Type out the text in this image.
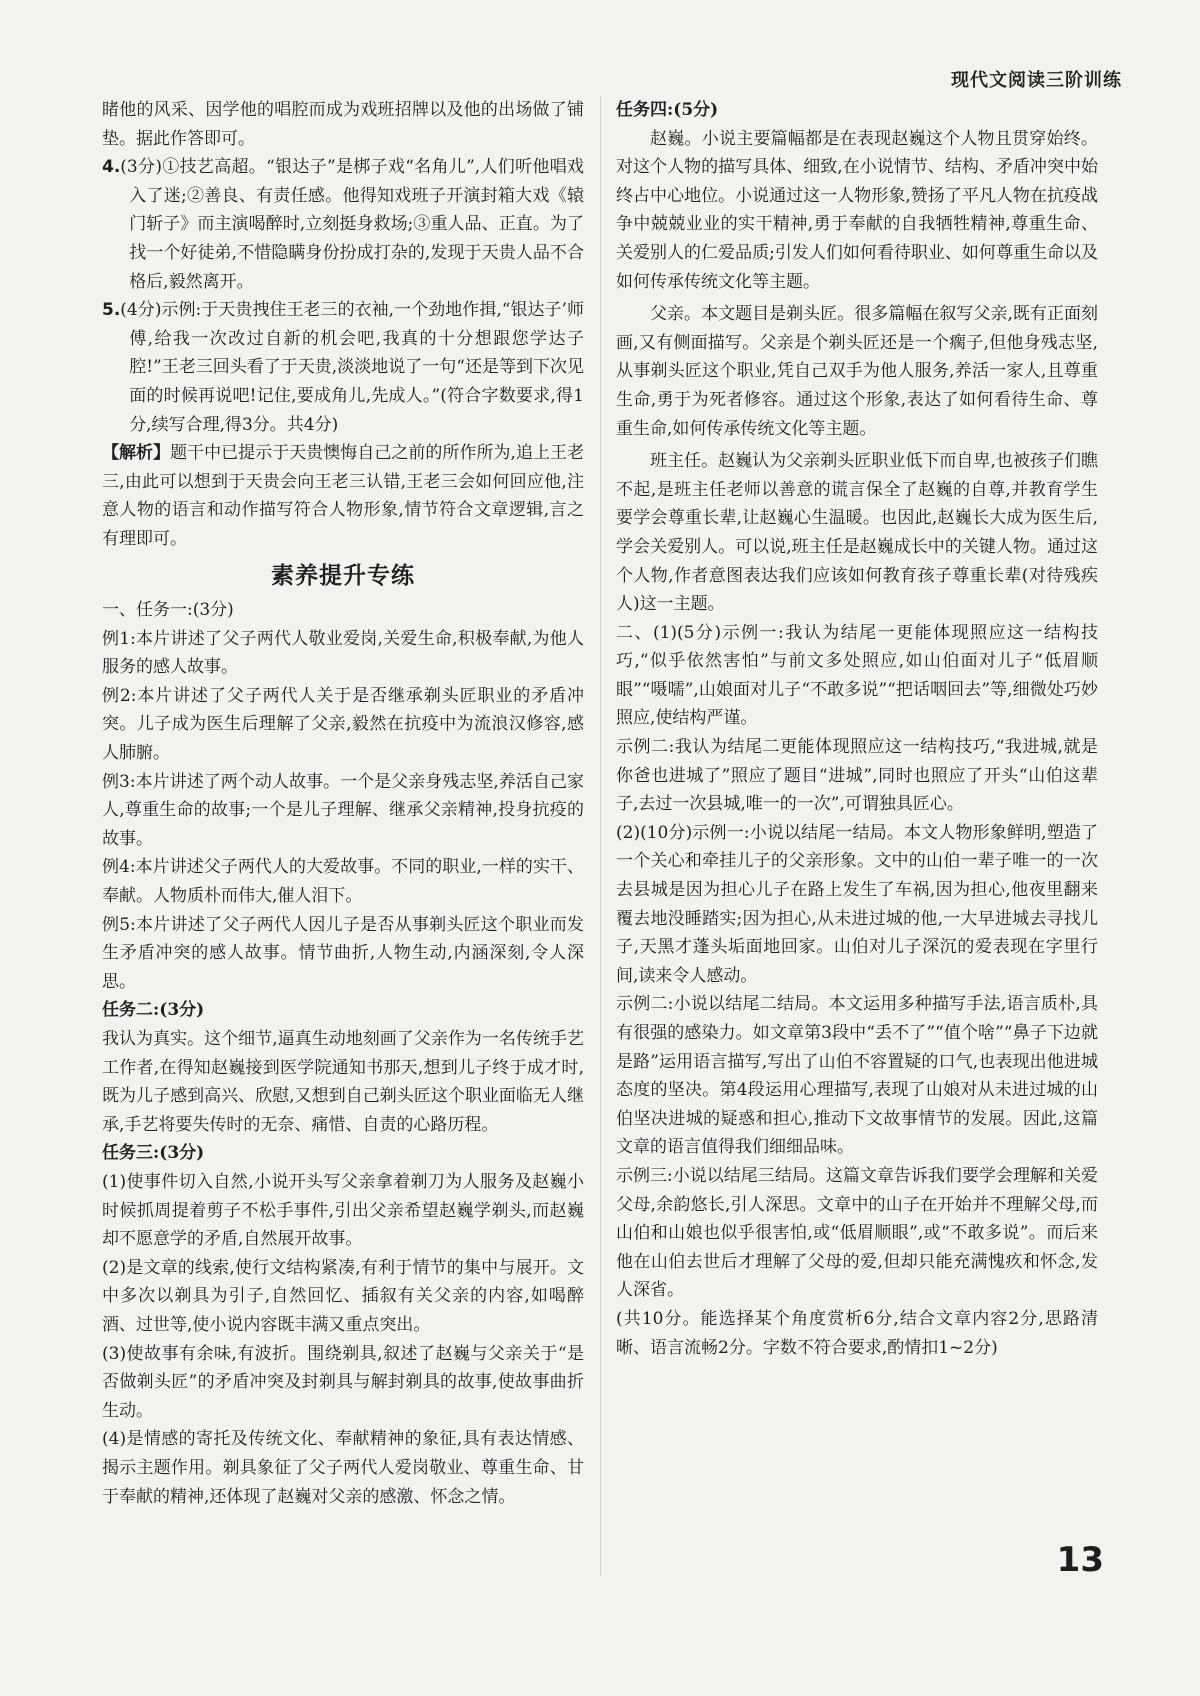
现代文阅读三阶训练

睹他的风采、因学他的唱腔而成为戏班招牌以及他的出场做了铺垫。据此作答即可。

4.(3分)①技艺高超。“银达子”是梆子戏“名角儿”,人们听他唱戏入了迷;②善良、有责任感。他得知戏班子开演封箱大戏《辕门斩子》而主演喝醉时,立刻挺身救场;③重人品、正直。为了找一个好徒弟,不惜隐瞒身份扮成打杂的,发现于天贵人品不合格后,毅然离开。

5.(4分)示例:于天贵拽住王老三的衣袖,一个劲地作揖,“银达子’师傅,给我一次改过自新的机会吧,我真的十分想跟您学达子腔!”王老三回头看了于天贵,淡淡地说了一句“还是等到下次见面的时候再说吧!记住,要成角儿,先成人。”(符合字数要求,得1分,续写合理,得3分。共4分)

【解析】题干中已提示于天贵懊悔自己之前的所作所为,追上王老三,由此可以想到于天贵会向王老三认错,王老三会如何回应他,注意人物的语言和动作描写符合人物形象,情节符合文章逻辑,言之有理即可。

素养提升专练

一、任务一:(3分)

例1:本片讲述了父子两代人敬业爱岗,关爱生命,积极奉献,为他人服务的感人故事。

例2:本片讲述了父子两代人关于是否继承剃头匠职业的矛盾冲突。儿子成为医生后理解了父亲,毅然在抗疫中为流浪汉修容,感人肺腑。

例3:本片讲述了两个动人故事。一个是父亲身残志坚,养活自己家人,尊重生命的故事;一个是儿子理解、继承父亲精神,投身抗疫的故事。

例4:本片讲述父子两代人的大爱故事。不同的职业,一样的实干、奉献。人物质朴而伟大,催人泪下。

例5:本片讲述了父子两代人因儿子是否从事剃头匠这个职业而发生矛盾冲突的感人故事。情节曲折,人物生动,内涵深刻,令人深思。

任务二:(3分)

我认为真实。这个细节,逼真生动地刻画了父亲作为一名传统手艺工作者,在得知赵巍接到医学院通知书那天,想到儿子终于成才时,既为儿子感到高兴、欣慰,又想到自己剃头匠这个职业面临无人继承,手艺将要失传时的无奈、痛惜、自责的心路历程。

任务三:(3分)

(1)使事件切入自然,小说开头写父亲拿着剃刀为人服务及赵巍小时候抓周提着剪子不松手事件,引出父亲希望赵巍学剃头,而赵巍却不愿意学的矛盾,自然展开故事。

(2)是文章的线索,使行文结构紧凑,有利于情节的集中与展开。文中多次以剃具为引子,自然回忆、插叙有关父亲的内容,如喝醉酒、过世等,使小说内容既丰满又重点突出。

(3)使故事有余味,有波折。围绕剃具,叙述了赵巍与父亲关于“是否做剃头匠”的矛盾冲突及封剃具与解封剃具的故事,使故事曲折生动。

(4)是情感的寄托及传统文化、奉献精神的象征,具有表达情感、揭示主题作用。剃具象征了父子两代人爱岗敬业、尊重生命、甘于奉献的精神,还体现了赵巍对父亲的感激、怀念之情。

任务四:(5分)

赵巍。小说主要篇幅都是在表现赵巍这个人物且贯穿始终。对这个人物的描写具体、细致,在小说情节、结构、矛盾冲突中始终占中心地位。小说通过这一人物形象,赞扬了平凡人物在抗疫战争中兢兢业业的实干精神,勇于奉献的自我牺牲精神,尊重生命、关爱别人的仁爱品质;引发人们如何看待职业、如何尊重生命以及如何传承传统文化等主题。

父亲。本文题目是剃头匠。很多篇幅在叙写父亲,既有正面刻画,又有侧面描写。父亲是个剃头匠还是一个瘸子,但他身残志坚,从事剃头匠这个职业,凭自己双手为他人服务,养活一家人,且尊重生命,勇于为死者修容。通过这个形象,表达了如何看待生命、尊重生命,如何传承传统文化等主题。

班主任。赵巍认为父亲剃头匠职业低下而自卑,也被孩子们瞧不起,是班主任老师以善意的谎言保全了赵巍的自尊,并教育学生要学会尊重长辈,让赵巍心生温暖。也因此,赵巍长大成为医生后,学会关爱别人。可以说,班主任是赵巍成长中的关键人物。通过这个人物,作者意图表达我们应该如何教育孩子尊重长辈(对待残疾人)这一主题。

二、(1)(5分)示例一:我认为结尾一更能体现照应这一结构技巧,“似乎依然害怕”与前文多处照应,如山伯面对儿子“低眉顺眼”“嗫嚅”,山娘面对儿子“不敢多说”“把话咽回去”等,细微处巧妙照应,使结构严谨。

示例二:我认为结尾二更能体现照应这一结构技巧,“我进城,就是你爸也进城了”照应了题目“进城”,同时也照应了开头“山伯这辈子,去过一次县城,唯一的一次”,可谓独具匠心。

(2)(10分)示例一:小说以结尾一结局。本文人物形象鲜明,塑造了一个关心和牵挂儿子的父亲形象。文中的山伯一辈子唯一的一次去县城是因为担心儿子在路上发生了车祸,因为担心,他夜里翻来覆去地没睡踏实;因为担心,从未进过城的他,一大早进城去寻找儿子,天黑才蓬头垢面地回家。山伯对儿子深沉的爱表现在字里行间,读来令人感动。

示例二:小说以结尾二结局。本文运用多种描写手法,语言质朴,具有很强的感染力。如文章第3段中“丢不了”“值个啥”“鼻子下边就是路”运用语言描写,写出了山伯不容置疑的口气,也表现出他进城态度的坚决。第4段运用心理描写,表现了山娘对从未进过城的山伯坚决进城的疑惑和担心,推动下文故事情节的发展。因此,这篇文章的语言值得我们细细品味。

示例三:小说以结尾三结局。这篇文章告诉我们要学会理解和关爱父母,余韵悠长,引人深思。文章中的山子在开始并不理解父母,而山伯和山娘也似乎很害怕,或“低眉顺眼”,或“不敢多说”。而后来他在山伯去世后才理解了父母的爱,但却只能充满愧疚和怀念,发人深省。

(共10分。能选择某个角度赏析6分,结合文章内容2分,思路清晰、语言流畅2分。字数不符合要求,酌情扣1~2分)

13
